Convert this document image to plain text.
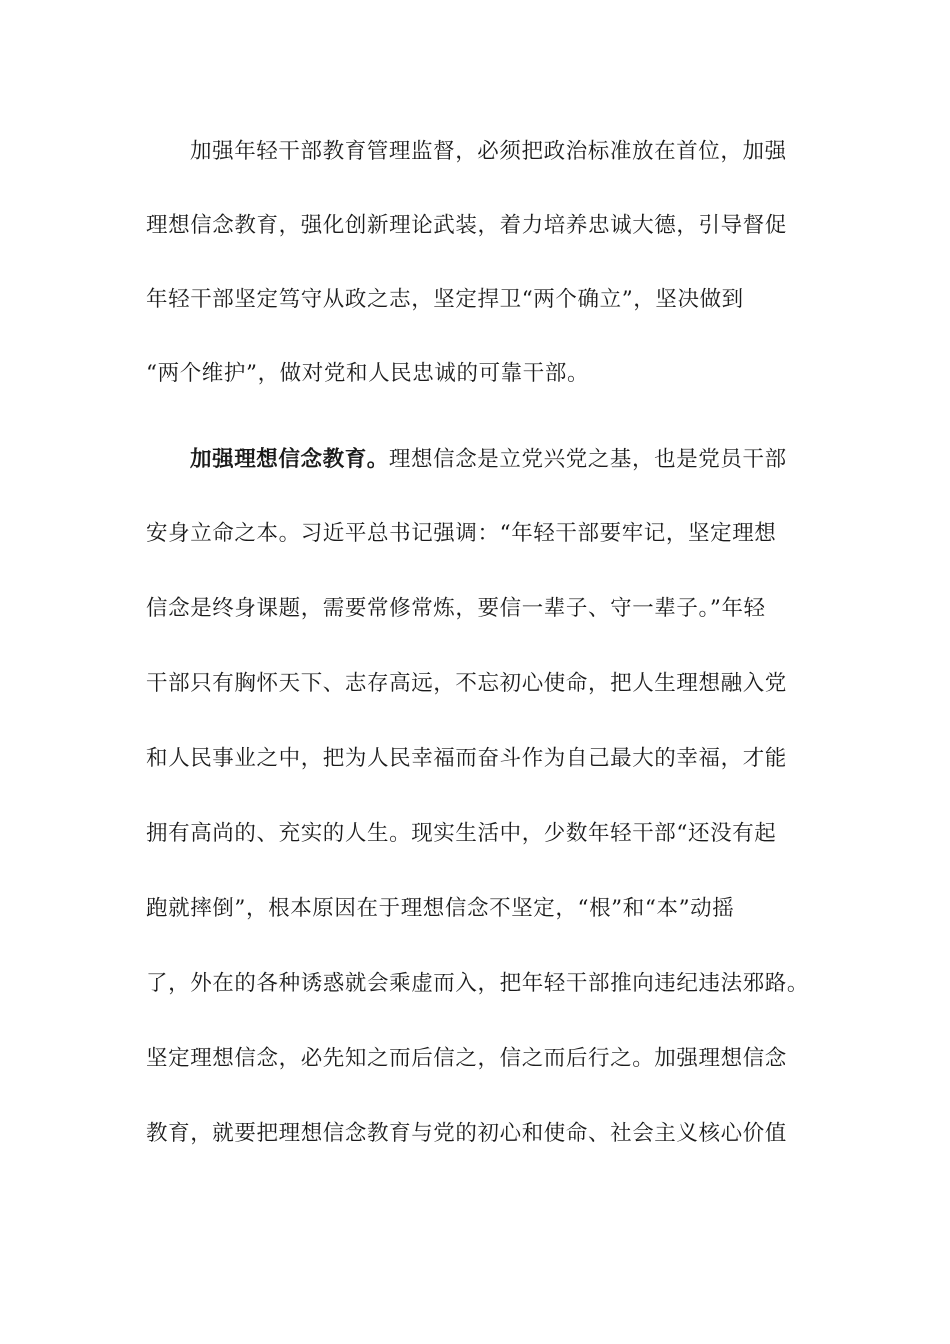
加强年轻干部教育管理监督，必须把政治标准放在首位，加强
理想信念教育，强化创新理论武装，着力培养忠诚大德，引导督促
年轻干部坚定笃守从政之志，坚定捍卫“两个确立”，坚决做到
“两个维护”，做对党和人民忠诚的可靠干部。
加强理想信念教育。理想信念是立党兴党之基，也是党员干部
安身立命之本。习近平总书记强调：“年轻干部要牢记，坚定理想
信念是终身课题，需要常修常炼，要信一辈子、守一辈子。”年轻
干部只有胸怀天下、志存高远，不忘初心使命，把人生理想融入党
和人民事业之中，把为人民幸福而奋斗作为自己最大的幸福，才能
拥有高尚的、充实的人生。现实生活中，少数年轻干部“还没有起
跑就摔倒”，根本原因在于理想信念不坚定，“根”和“本”动摇
了，外在的各种诱惑就会乘虚而入，把年轻干部推向违纪违法邪路。
坚定理想信念，必先知之而后信之，信之而后行之。加强理想信念
教育，就要把理想信念教育与党的初心和使命、社会主义核心价值
